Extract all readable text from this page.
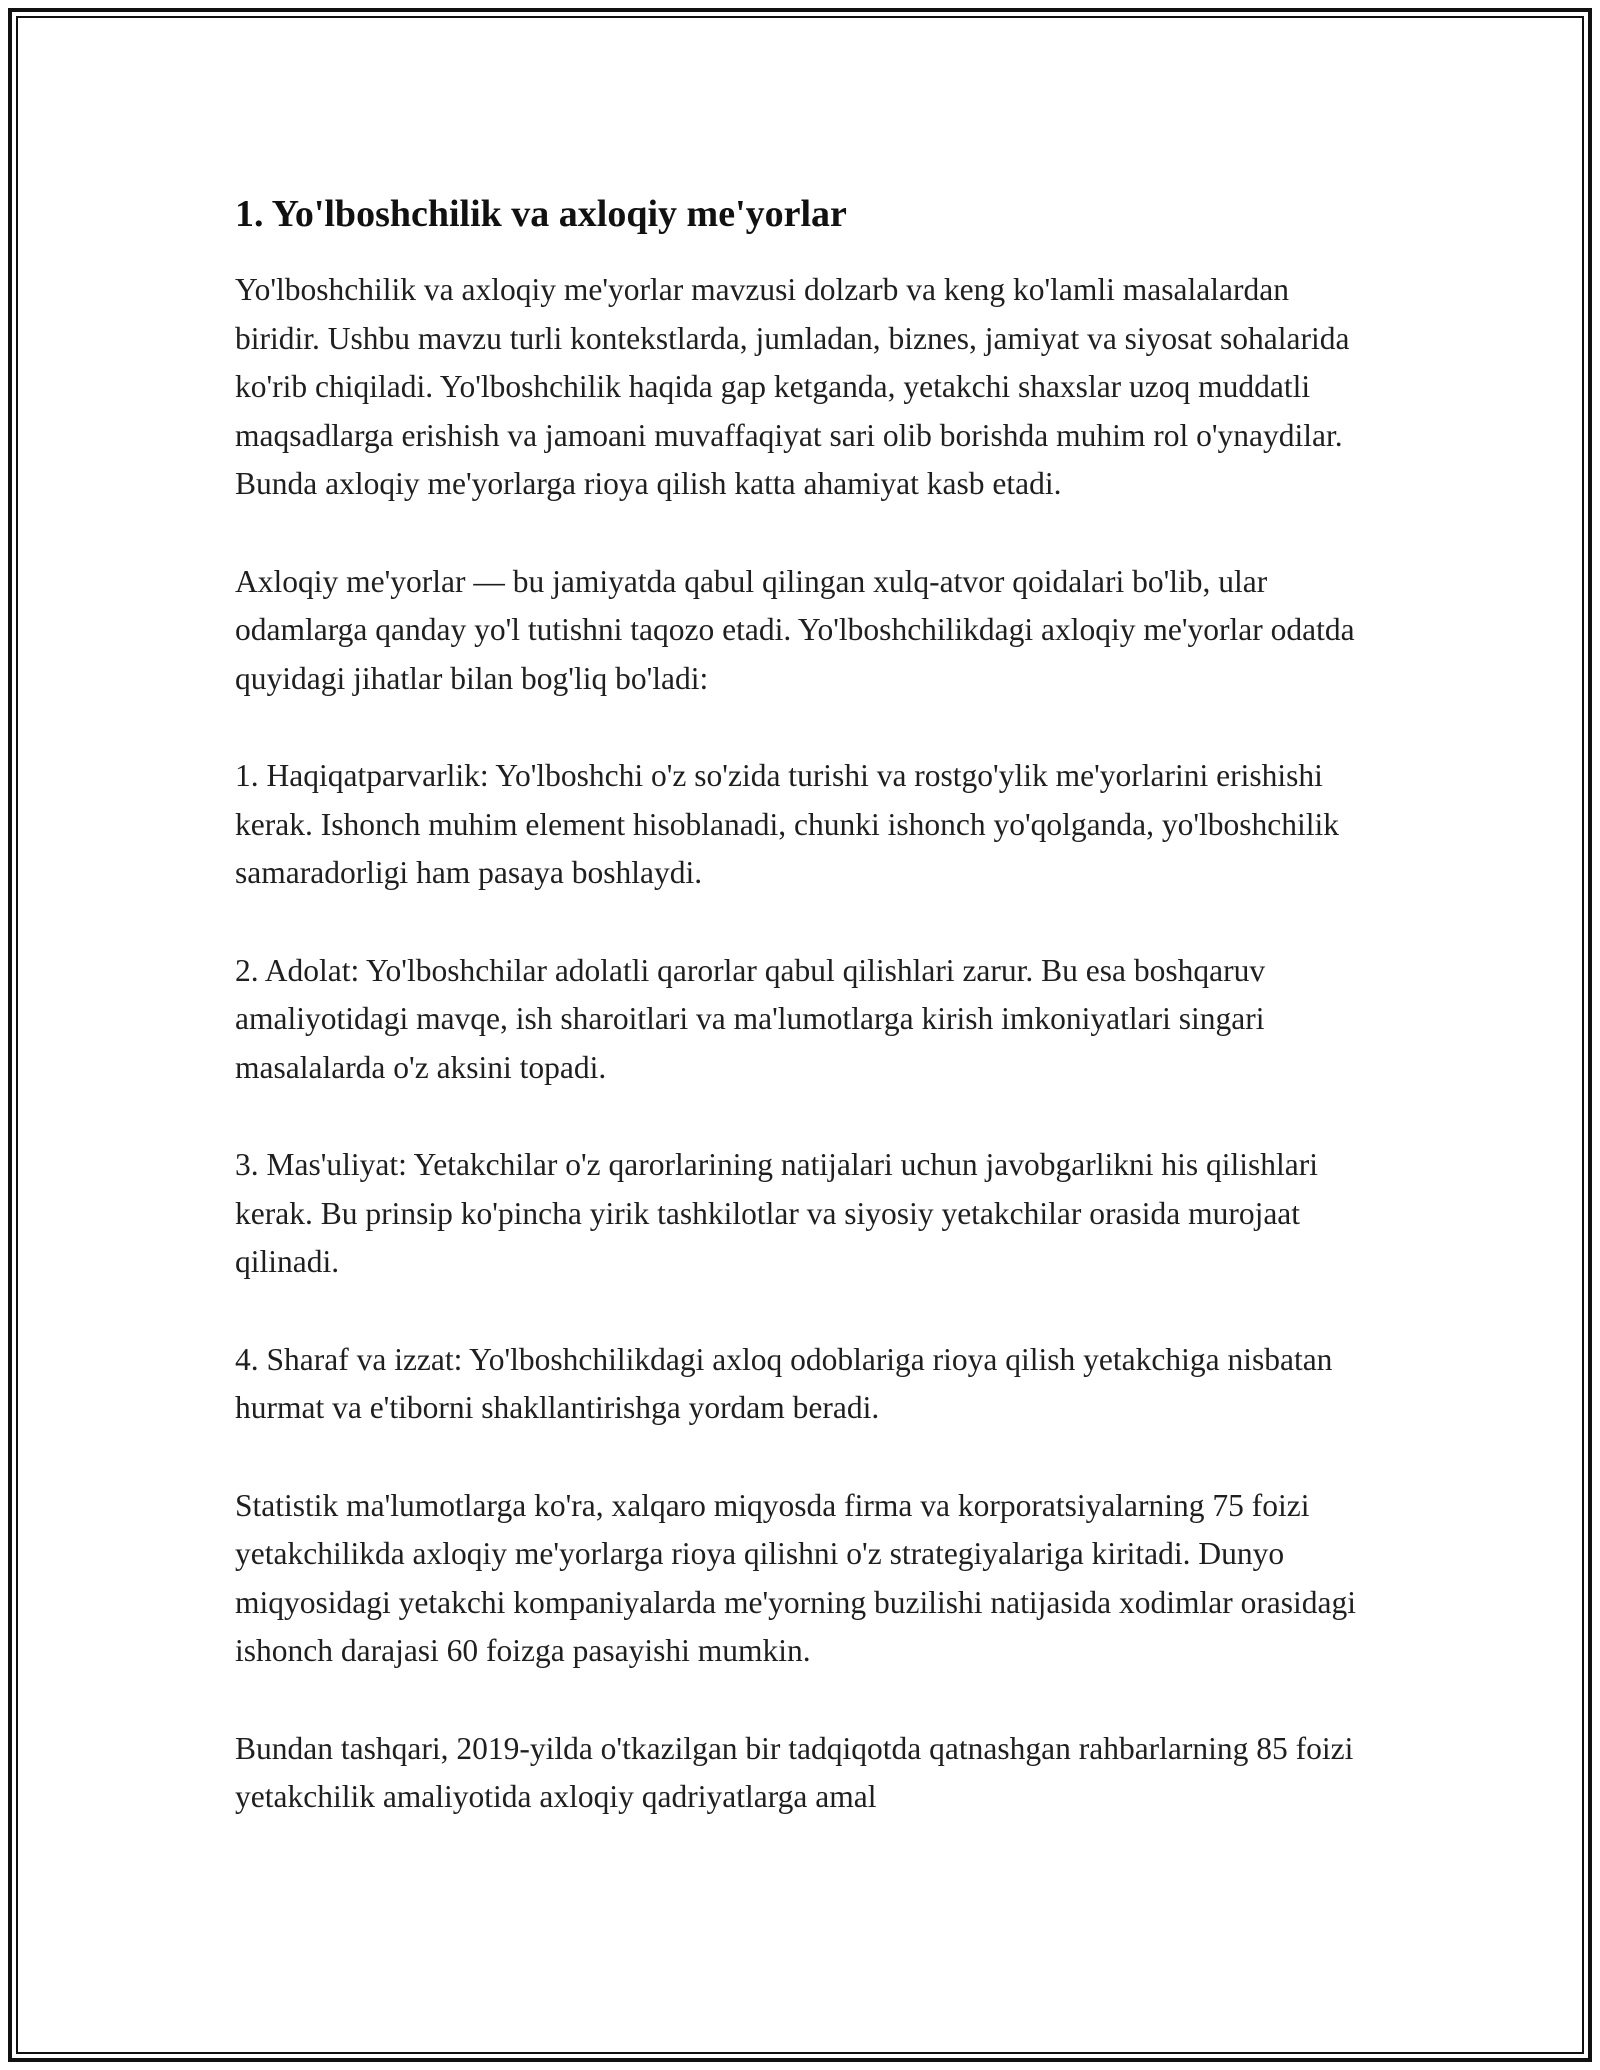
1. Yo'lboshchilik va axloqiy me'yorlar

Yo'lboshchilik va axloqiy me'yorlar mavzusi dolzarb va keng ko'lamli masalalardan biridir. Ushbu mavzu turli kontekstlarda, jumladan, biznes, jamiyat va siyosat sohalarida ko'rib chiqiladi. Yo'lboshchilik haqida gap ketganda, yetakchi shaxslar uzoq muddatli maqsadlarga erishish va jamoani muvaffaqiyat sari olib borishda muhim rol o'ynaydilar. Bunda axloqiy me'yorlarga rioya qilish katta ahamiyat kasb etadi.

Axloqiy me'yorlar — bu jamiyatda qabul qilingan xulq-atvor qoidalari bo'lib, ular odamlarga qanday yo'l tutishni taqozo etadi. Yo'lboshchilikdagi axloqiy me'yorlar odatda quyidagi jihatlar bilan bog'liq bo'ladi:

1. Haqiqatparvarlik: Yo'lboshchi o'z so'zida turishi va rostgo'ylik me'yorlarini erishishi kerak. Ishonch muhim element hisoblanadi, chunki ishonch yo'qolganda, yo'lboshchilik samaradorligi ham pasaya boshlaydi.

2. Adolat: Yo'lboshchilar adolatli qarorlar qabul qilishlari zarur. Bu esa boshqaruv amaliyotidagi mavqe, ish sharoitlari va ma'lumotlarga kirish imkoniyatlari singari masalalarda o'z aksini topadi.

3. Mas'uliyat: Yetakchilar o'z qarorlarining natijalari uchun javobgarlikni his qilishlari kerak. Bu prinsip ko'pincha yirik tashkilotlar va siyosiy yetakchilar orasida murojaat qilinadi.

4. Sharaf va izzat: Yo'lboshchilikdagi axloq odoblariga rioya qilish yetakchiga nisbatan hurmat va e'tiborni shakllantirishga yordam beradi.

Statistik ma'lumotlarga ko'ra, xalqaro miqyosda firma va korporatsiyalarning 75 foizi yetakchilikda axloqiy me'yorlarga rioya qilishni o'z strategiyalariga kiritadi. Dunyo miqyosidagi yetakchi kompaniyalarda me'yorning buzilishi natijasida xodimlar orasidagi ishonch darajasi 60 foizga pasayishi mumkin.

Bundan tashqari, 2019-yilda o'tkazilgan bir tadqiqotda qatnashgan rahbarlarning 85 foizi yetakchilik amaliyotida axloqiy qadriyatlarga amal
